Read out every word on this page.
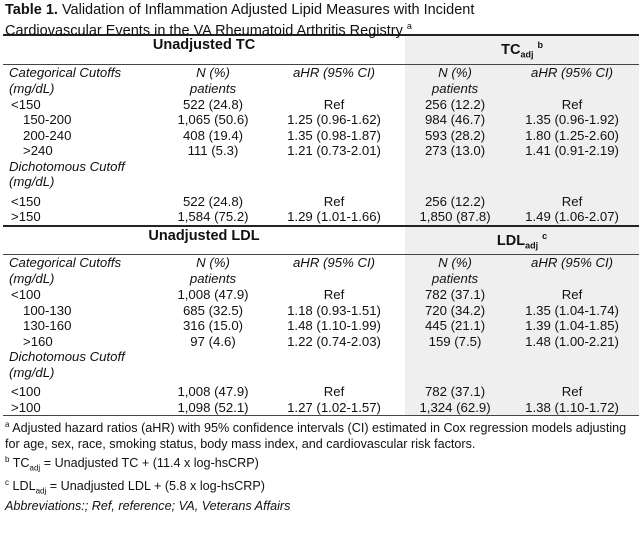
Table 1. Validation of Inflammation Adjusted Lipid Measures with Incident
Cardiovascular Events in the VA Rheumatoid Arthritis Registry $^a$
Unadjusted TC			$TC_{adj}$ $^b$
Categorical Cutoffs	N (%)	aHR (95% CI)	N (%)	aHR (95% CI)
(mg/dL)	patients		patients	
<150	522 (24.8)	Ref	256 (12.2)	Ref
150-200	1,065 (50.6)	1.25 (0.96-1.62)	984 (46.7)	1.35 (0.96-1.92)
200-240	408 (19.4)	1.35 (0.98-1.87)	593 (28.2)	1.80 (1.25-2.60)
>240	111 (5.3)	1.21 (0.73-2.01)	273 (13.0)	1.41 (0.91-2.19)
Dichotomous Cutoff				
(mg/dL)				

<150	522 (24.8)	Ref	256 (12.2)	Ref
>150	1,584 (75.2)	1.29 (1.01-1.66)	1,850 (87.8)	1.49 (1.06-2.07)
Unadjusted LDL			$LDL_{adj}$ $^c$
Categorical Cutoffs	N (%)	aHR (95% CI)	N (%)	aHR (95% CI)
(mg/dL)	patients		patients	
<100	1,008 (47.9)	Ref	782 (37.1)	Ref
100-130	685 (32.5)	1.18 (0.93-1.51)	720 (34.2)	1.35 (1.04-1.74)
130-160	316 (15.0)	1.48 (1.10-1.99)	445 (21.1)	1.39 (1.04-1.85)
>160	97 (4.6)	1.22 (0.74-2.03)	159 (7.5)	1.48 (1.00-2.21)
Dichotomous Cutoff				
(mg/dL)				

<100	1,008 (47.9)	Ref	782 (37.1)	Ref
>100	1,098 (52.1)	1.27 (1.02-1.57)	1,324 (62.9)	1.38 (1.10-1.72)
$^a$ Adjusted hazard ratios (aHR) with 95% confidence intervals (CI) estimated in Cox regression models adjusting for age, sex, race, smoking status, body mass index, and cardiovascular risk factors.
$^b$ $TC_{adj}$ = Unadjusted TC + (11.4 x log-hsCRP)
$^c$ $LDL_{adj}$ = Unadjusted LDL + (5.8 x log-hsCRP)
Abbreviations:; Ref, reference; VA, Veterans Affairs
